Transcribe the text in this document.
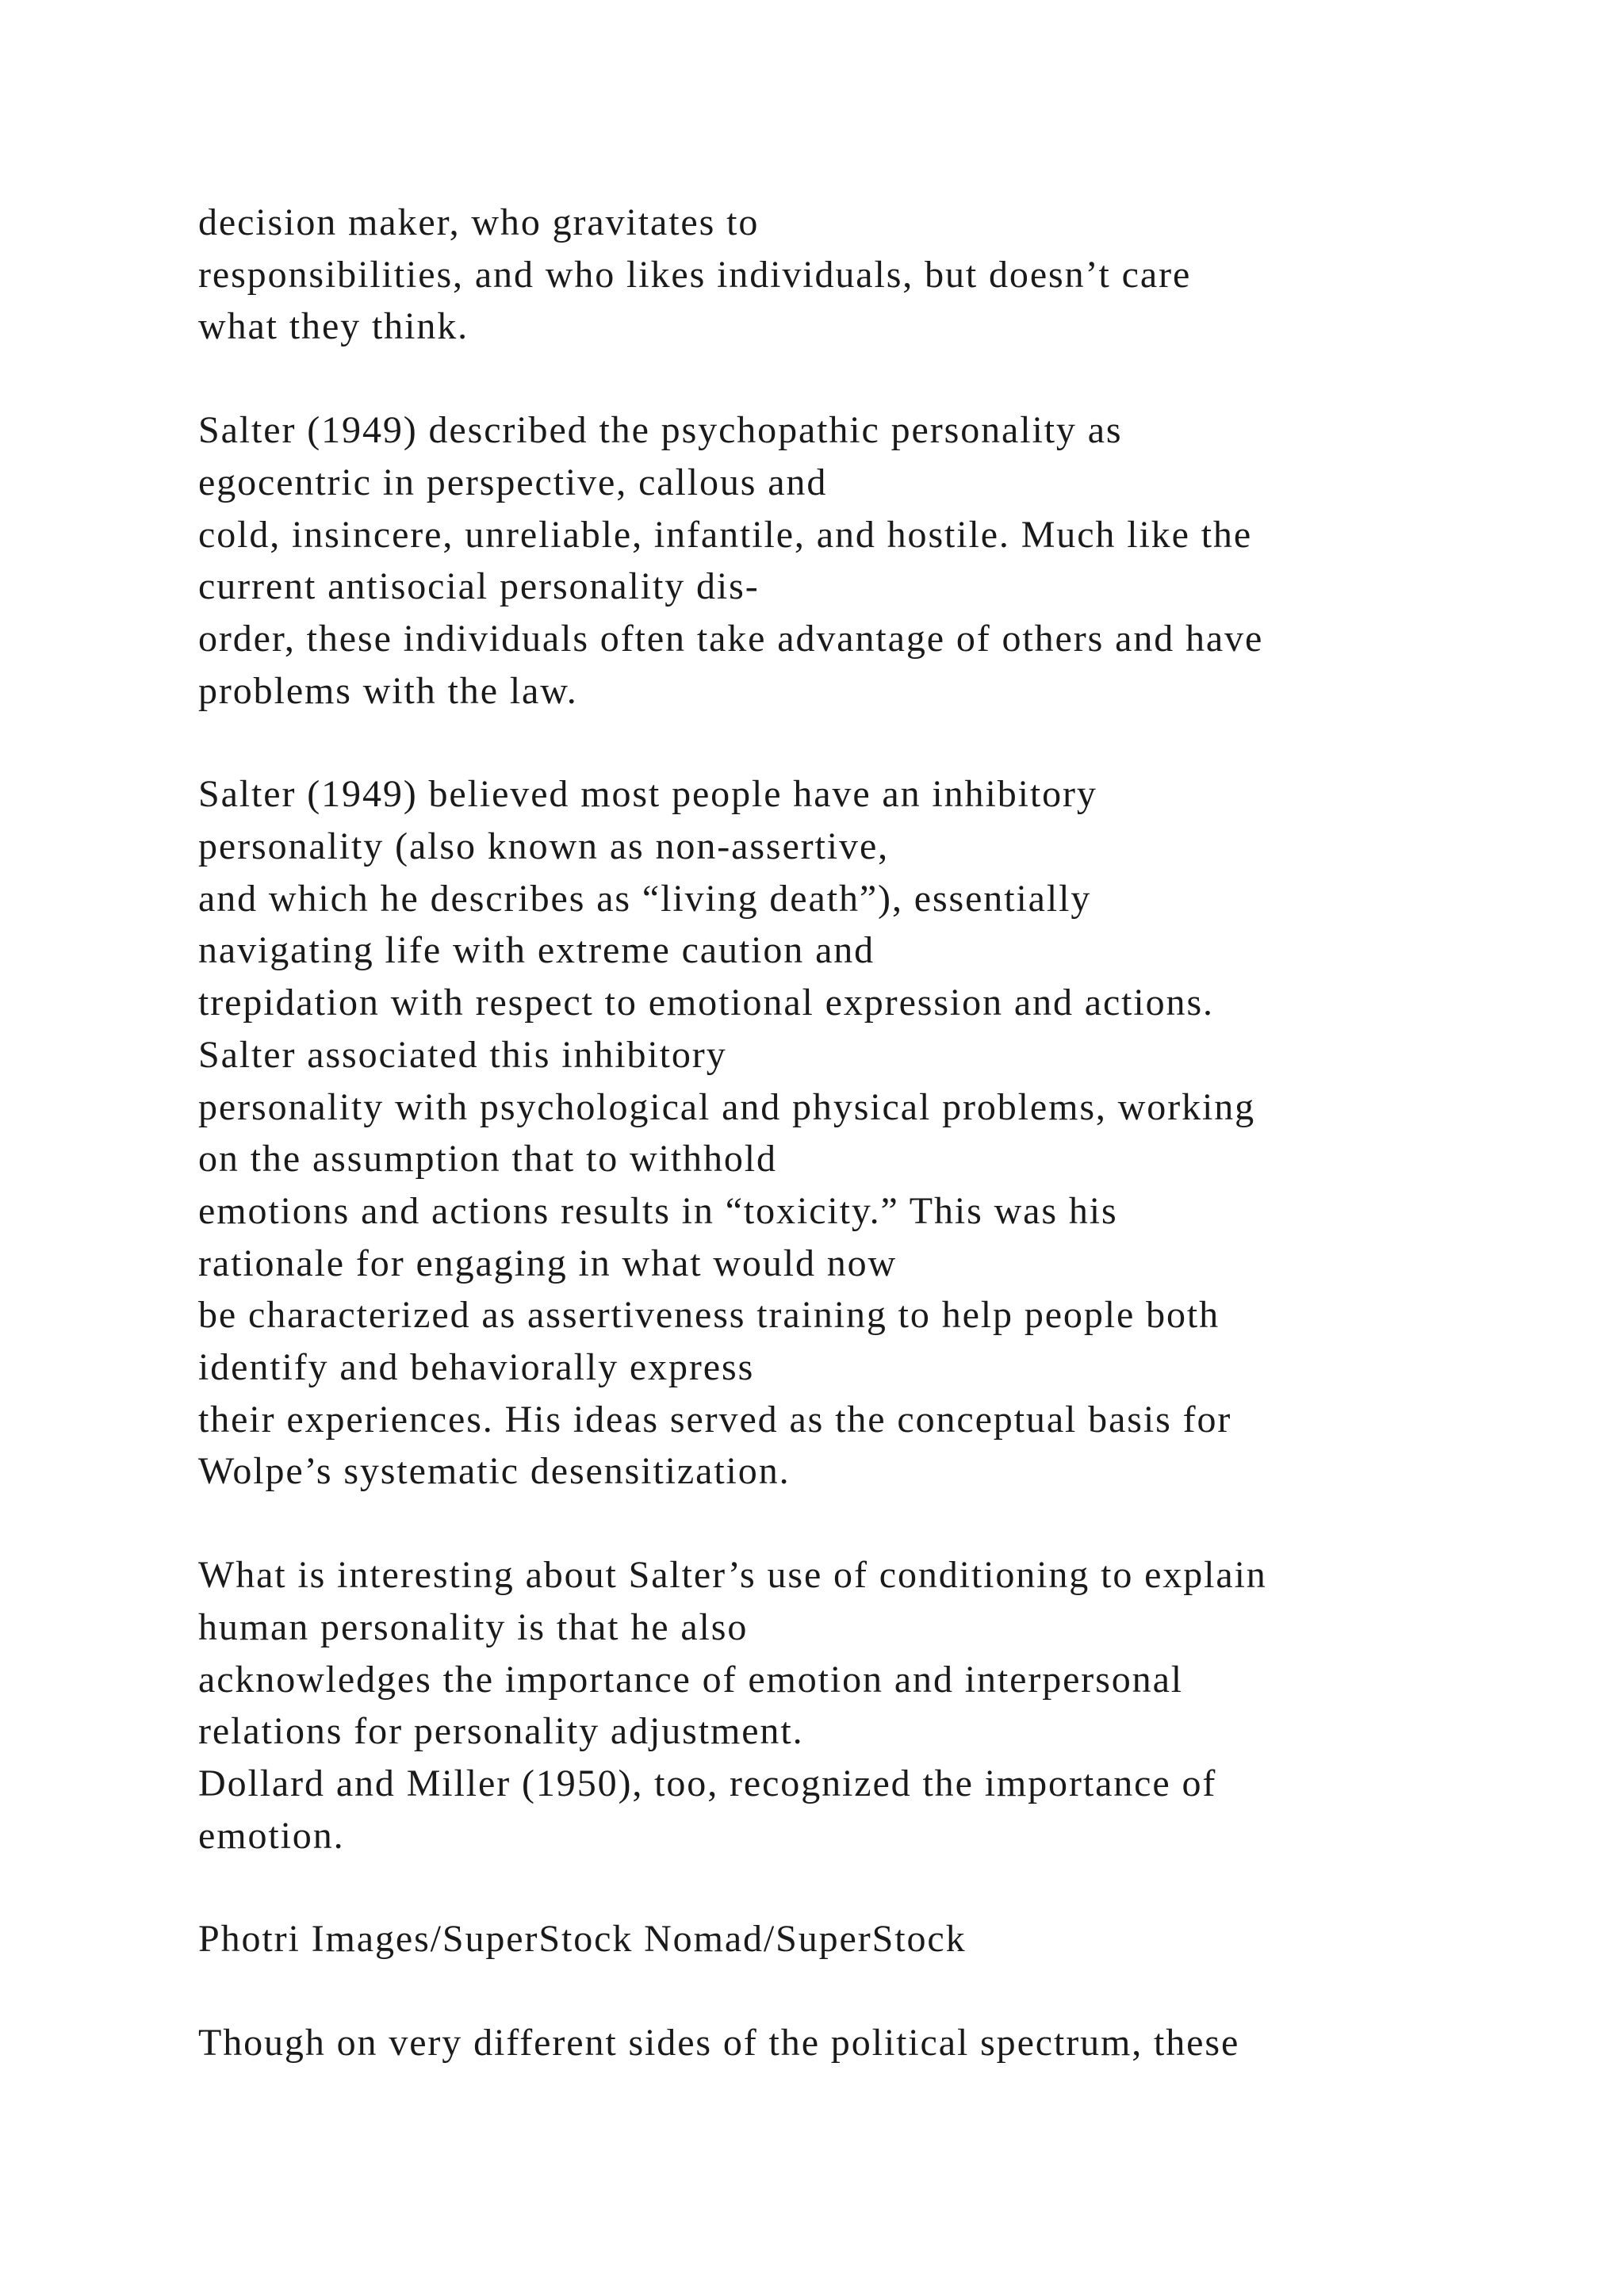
decision maker, who gravitates to
responsibilities, and who likes individuals, but doesn’t care
what they think.
Salter (1949) described the psychopathic personality as
egocentric in perspective, callous and
cold, insincere, unreliable, infantile, and hostile. Much like the
current antisocial personality dis-
order, these individuals often take advantage of others and have
problems with the law.
Salter (1949) believed most people have an inhibitory
personality (also known as non-assertive,
and which he describes as “living death”), essentially
navigating life with extreme caution and
trepidation with respect to emotional expression and actions.
Salter associated this inhibitory
personality with psychological and physical problems, working
on the assumption that to withhold
emotions and actions results in “toxicity.” This was his
rationale for engaging in what would now
be characterized as assertiveness training to help people both
identify and behaviorally express
their experiences. His ideas served as the conceptual basis for
Wolpe’s systematic desensitization.
What is interesting about Salter’s use of conditioning to explain
human personality is that he also
acknowledges the importance of emotion and interpersonal
relations for personality adjustment.
Dollard and Miller (1950), too, recognized the importance of
emotion.
Photri Images/SuperStock Nomad/SuperStock
Though on very different sides of the political spectrum, these
